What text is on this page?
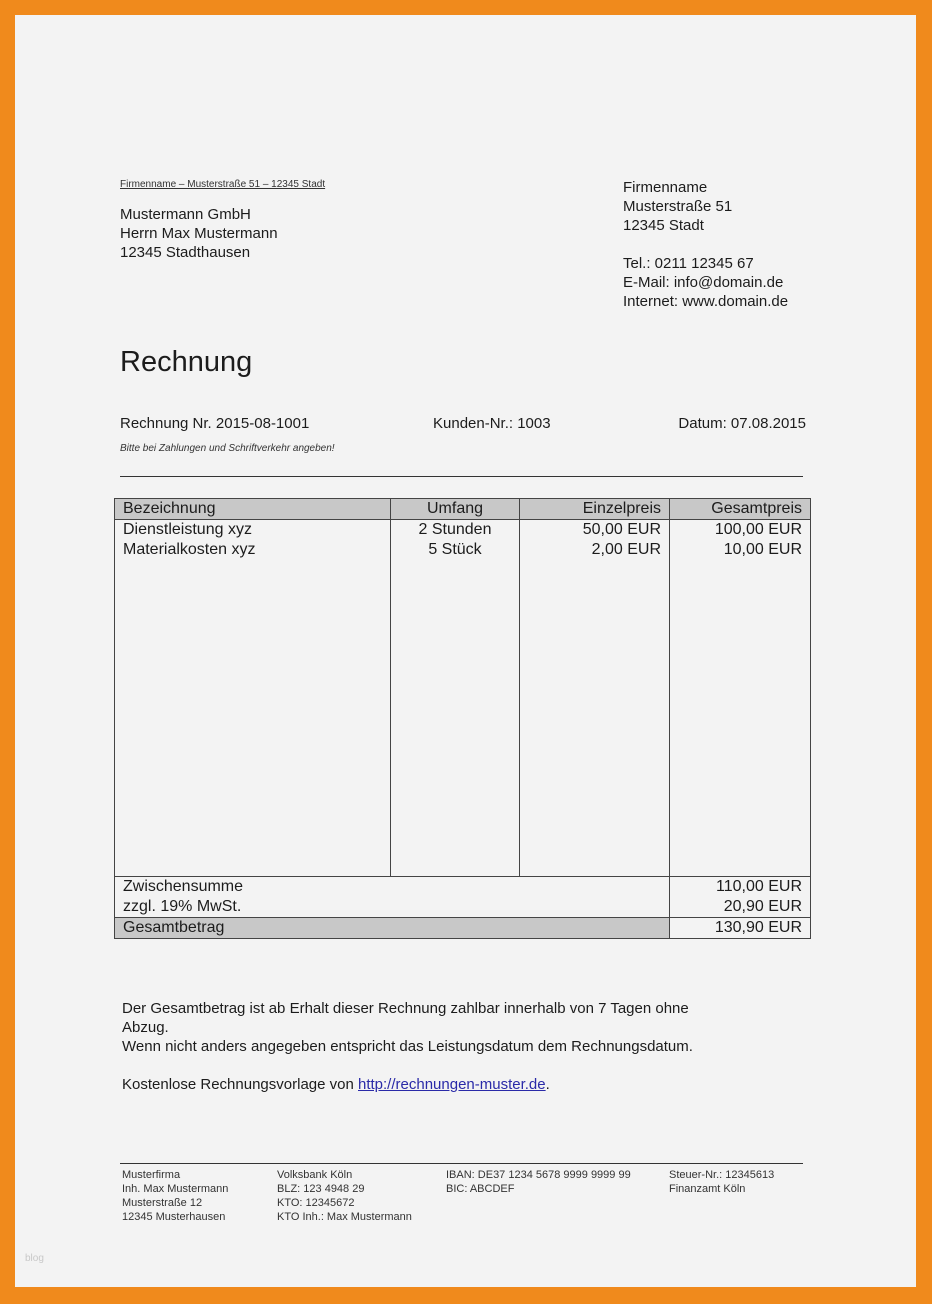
Firmenname – Musterstraße 51 – 12345 Stadt
Mustermann GmbH
Herrn Max Mustermann
12345 Stadthausen
Firmenname
Musterstraße 51
12345 Stadt
Tel.: 0211 12345 67
E-Mail: info@domain.de
Internet: www.domain.de
Rechnung
Rechnung Nr. 2015-08-1001	Kunden-Nr.: 1003	Datum: 07.08.2015
Bitte bei Zahlungen und Schriftverkehr angeben!
Bezeichnung	Umfang	Einzelpreis	Gesamtpreis
Dienstleistung xyz	2 Stunden	50,00 EUR	100,00 EUR
Materialkosten xyz	5 Stück	2,00 EUR	10,00 EUR

Zwischensumme			110,00 EUR
zzgl. 19% MwSt.			20,90 EUR
Gesamtbetrag			130,90 EUR

Der Gesamtbetrag ist ab Erhalt dieser Rechnung zahlbar innerhalb von 7 Tagen ohne

Abzug.

Wenn nicht anders angegeben entspricht das Leistungsdatum dem Rechnungsdatum.

Kostenlose Rechnungsvorlage von http://rechnungen-muster.de.

Musterfirma
Inh. Max Mustermann
Musterstraße 12
12345 Musterhausen
Volksbank Köln
BLZ: 123 4948 29
KTO: 12345672
KTO Inh.: Max Mustermann
IBAN: DE37 1234 5678 9999 9999 99
BIC: ABCDEF
Steuer-Nr.: 12345613
Finanzamt Köln
blog
